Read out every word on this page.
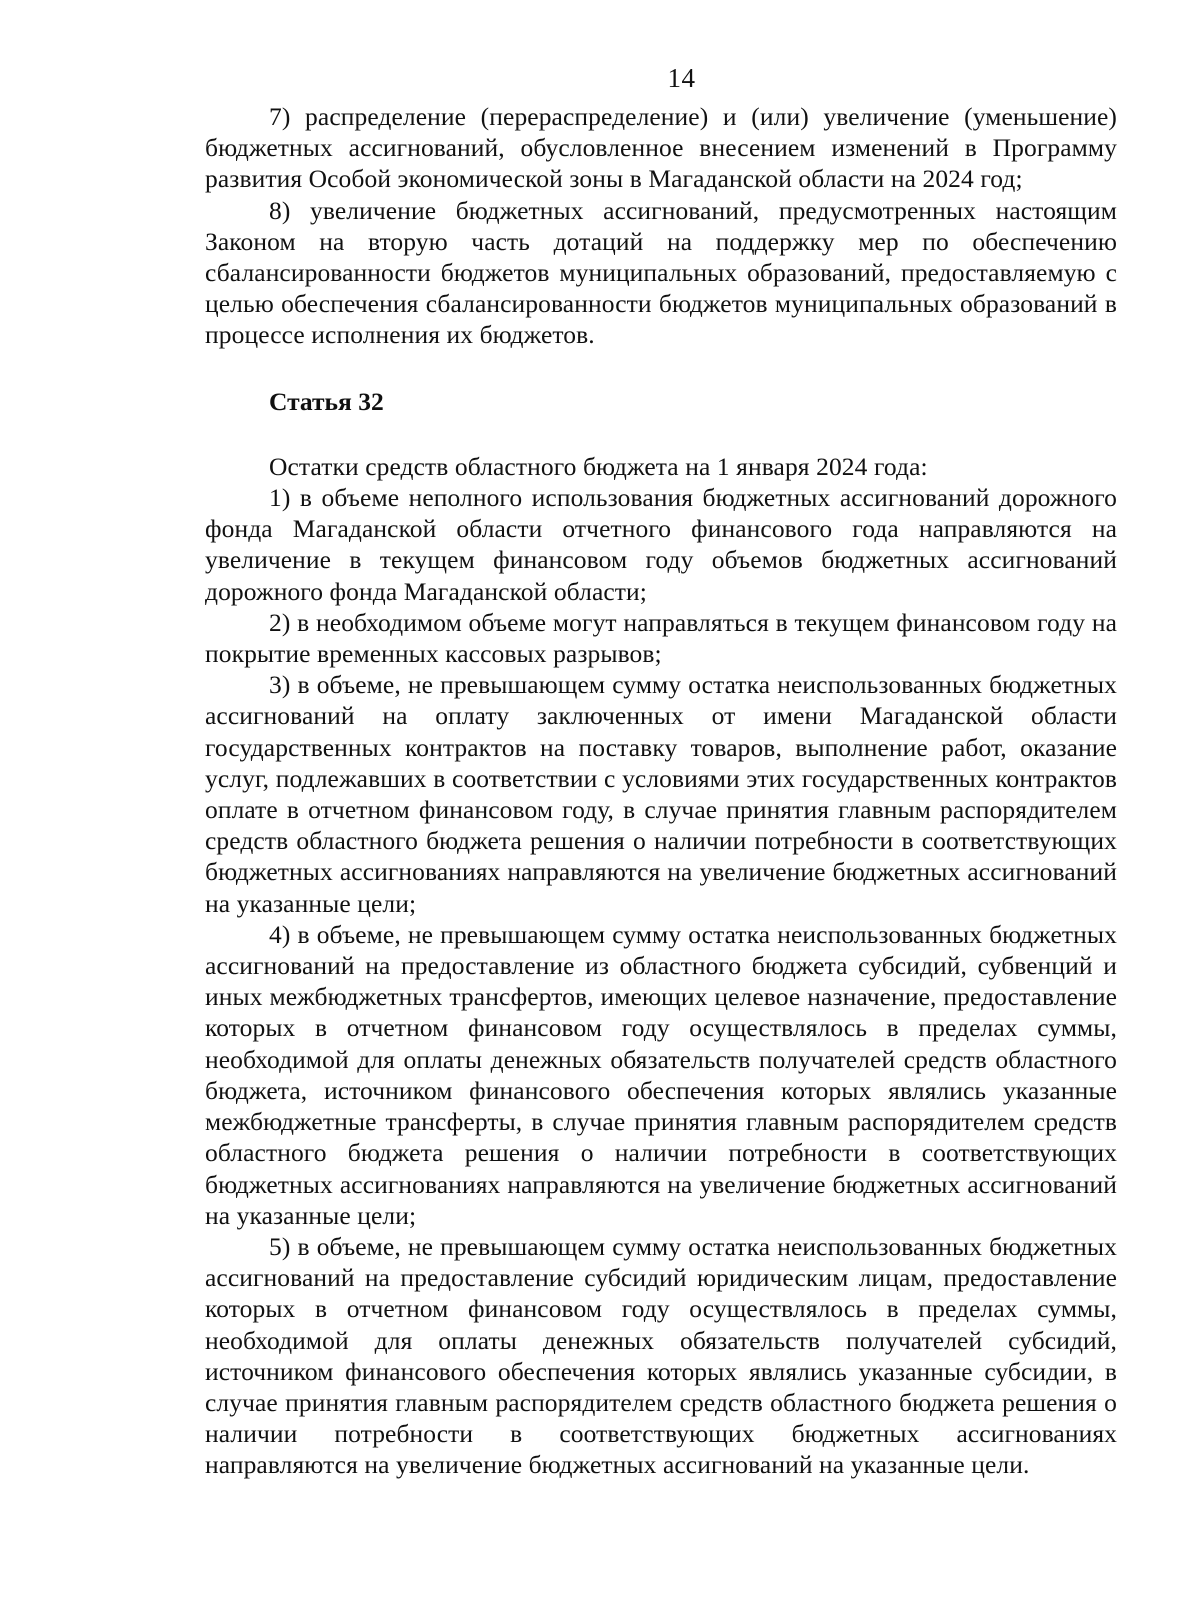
14

7) распределение (перераспределение) и (или) увеличение (уменьшение) бюджетных ассигнований, обусловленное внесением изменений в Программу развития Особой экономической зоны в Магаданской области на 2024 год;

8) увеличение бюджетных ассигнований, предусмотренных настоящим Законом на вторую часть дотаций на поддержку мер по обеспечению сбалансированности бюджетов муниципальных образований, предоставляемую с целью обеспечения сбалансированности бюджетов муниципальных образований в процессе исполнения их бюджетов.

Статья 32

Остатки средств областного бюджета на 1 января 2024 года:

1) в объеме неполного использования бюджетных ассигнований дорожного фонда Магаданской области отчетного финансового года направляются на увеличение в текущем финансовом году объемов бюджетных ассигнований дорожного фонда Магаданской области;

2) в необходимом объеме могут направляться в текущем финансовом году на покрытие временных кассовых разрывов;

3) в объеме, не превышающем сумму остатка неиспользованных бюджетных ассигнований на оплату заключенных от имени Магаданской области государственных контрактов на поставку товаров, выполнение работ, оказание услуг, подлежавших в соответствии с условиями этих государственных контрактов оплате в отчетном финансовом году, в случае принятия главным распорядителем средств областного бюджета решения о наличии потребности в соответствующих бюджетных ассигнованиях направляются на увеличение бюджетных ассигнований на указанные цели;

4) в объеме, не превышающем сумму остатка неиспользованных бюджетных ассигнований на предоставление из областного бюджета субсидий, субвенций и иных межбюджетных трансфертов, имеющих целевое назначение, предоставление которых в отчетном финансовом году осуществлялось в пределах суммы, необходимой для оплаты денежных обязательств получателей средств областного бюджета, источником финансового обеспечения которых являлись указанные межбюджетные трансферты, в случае принятия главным распорядителем средств областного бюджета решения о наличии потребности в соответствующих бюджетных ассигнованиях направляются на увеличение бюджетных ассигнований на указанные цели;

5) в объеме, не превышающем сумму остатка неиспользованных бюджетных ассигнований на предоставление субсидий юридическим лицам, предоставление которых в отчетном финансовом году осуществлялось в пределах суммы, необходимой для оплаты денежных обязательств получателей субсидий, источником финансового обеспечения которых являлись указанные субсидии, в случае принятия главным распорядителем средств областного бюджета решения о наличии потребности в соответствующих бюджетных ассигнованиях направляются на увеличение бюджетных ассигнований на указанные цели.
